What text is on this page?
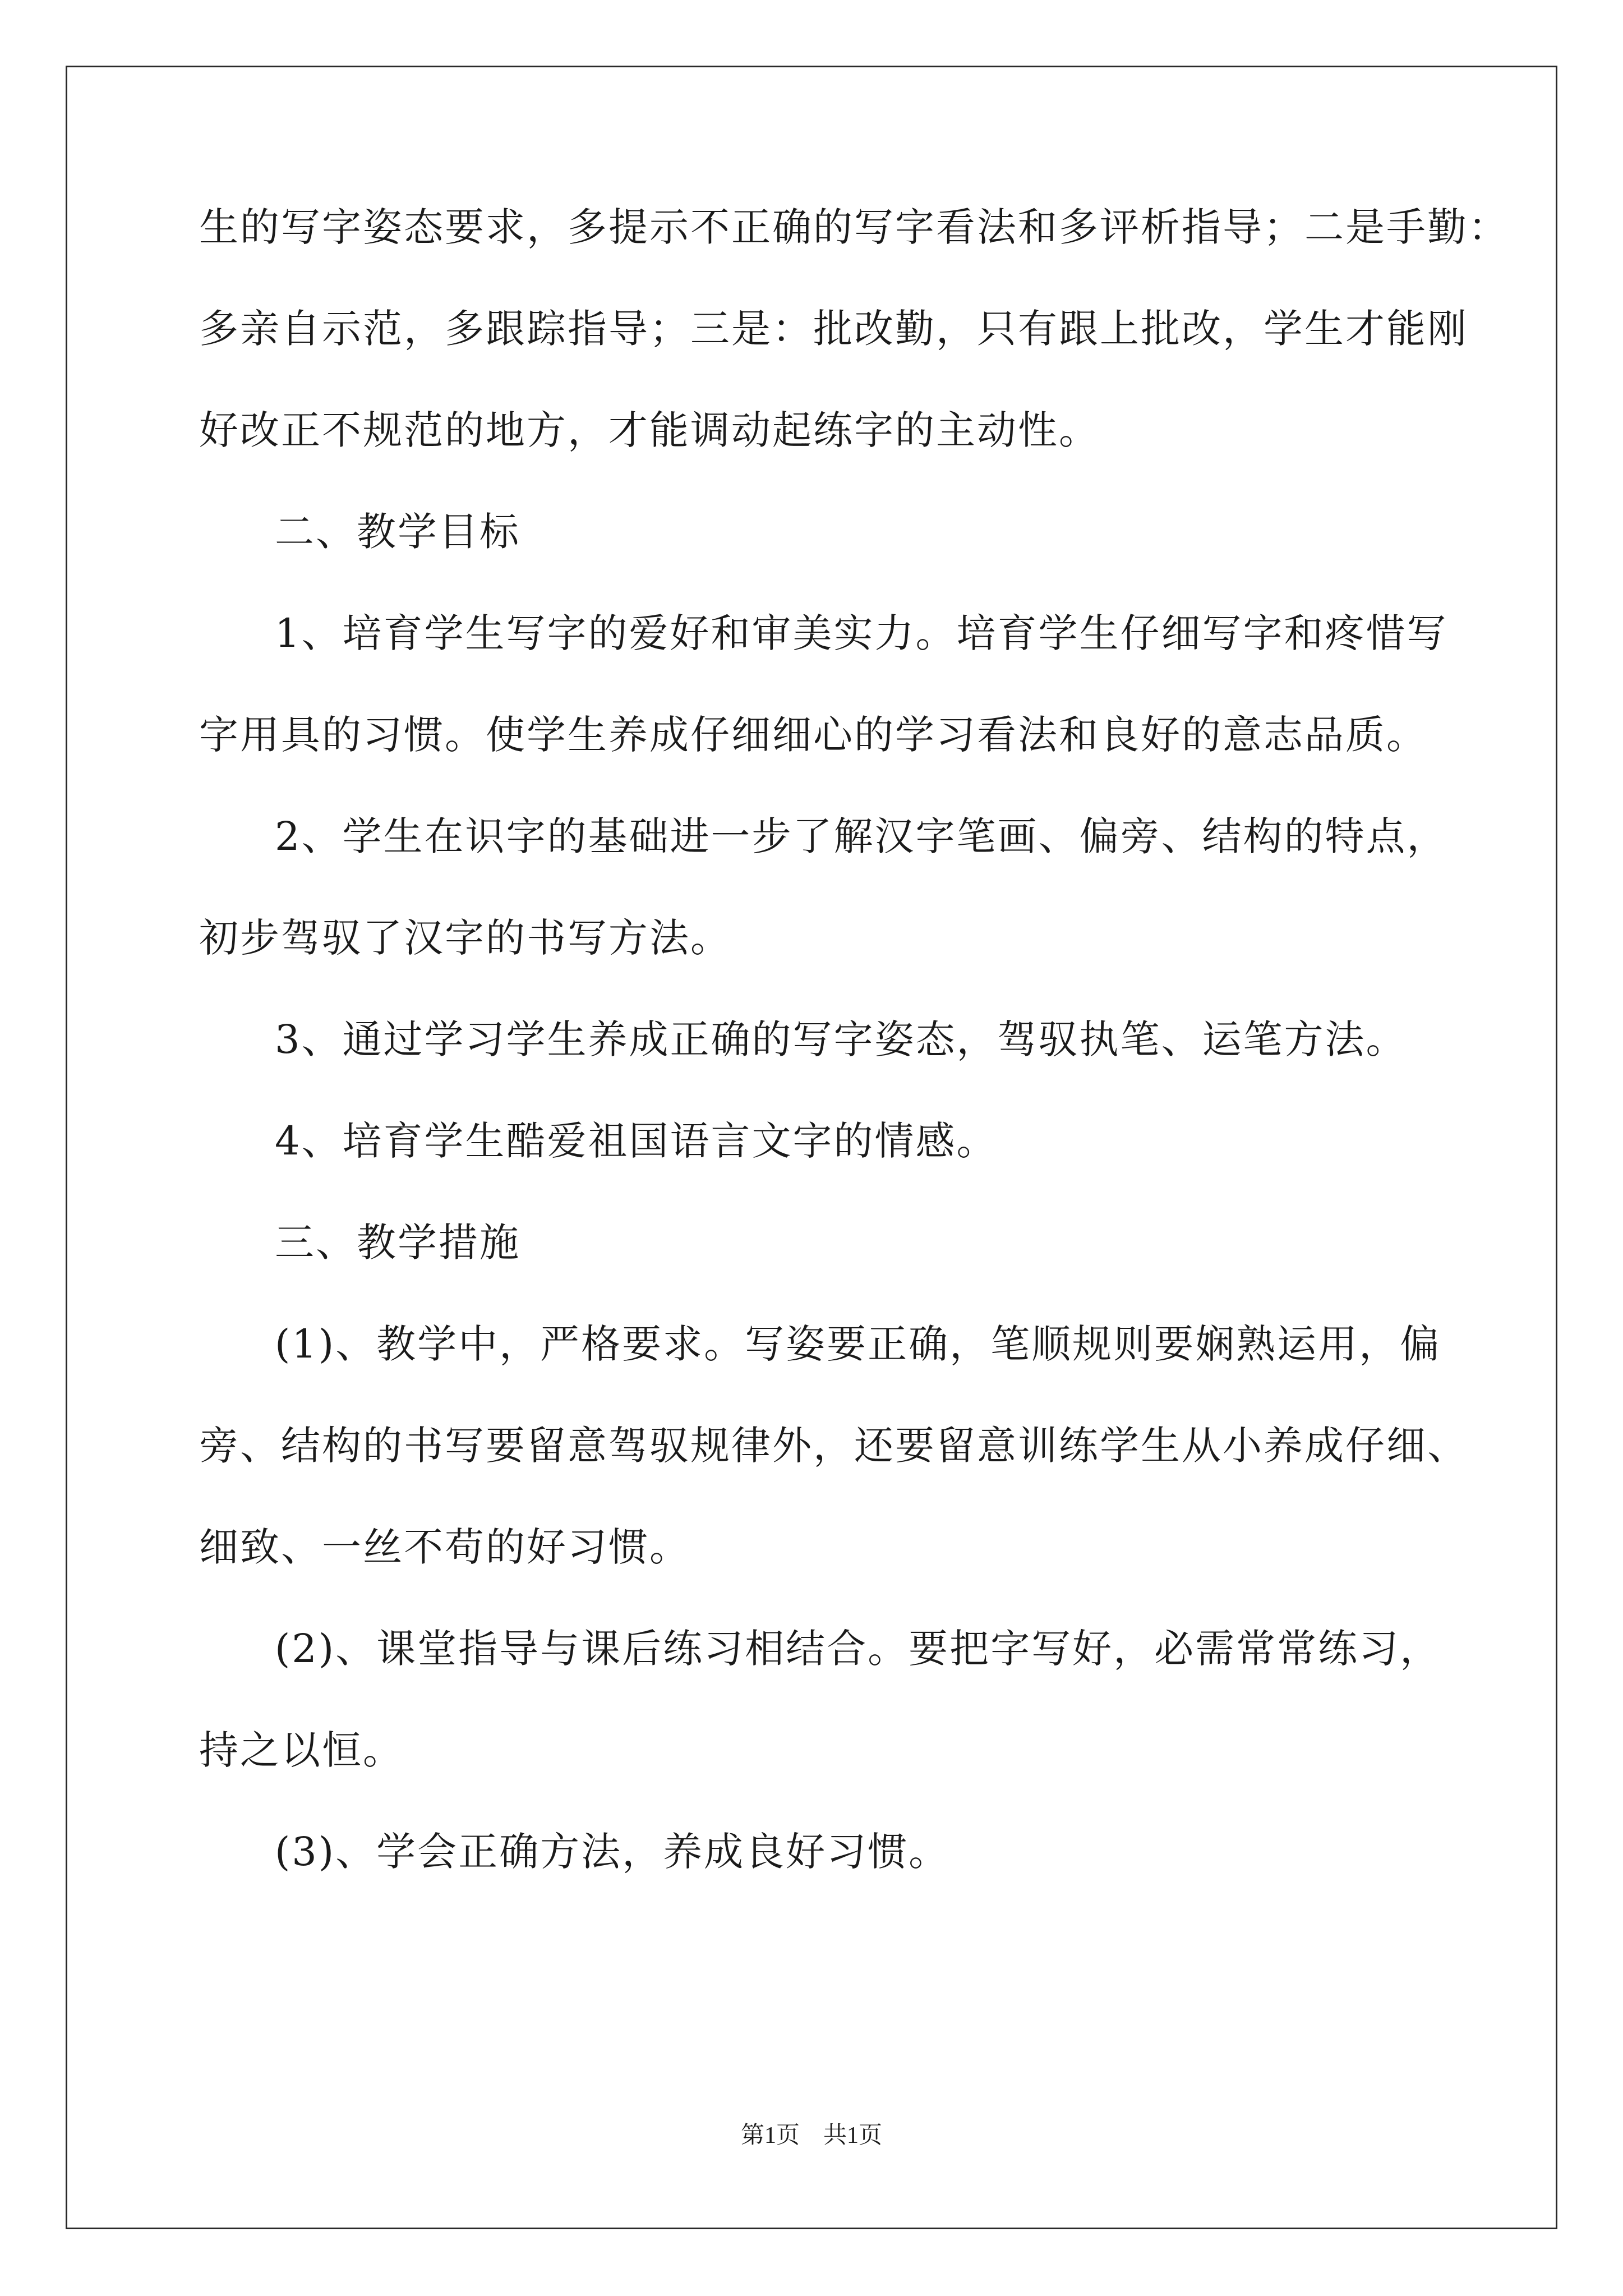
生的写字姿态要求，多提示不正确的写字看法和多评析指导；二是手勤：
多亲自示范，多跟踪指导；三是：批改勤，只有跟上批改，学生才能刚
好改正不规范的地方，才能调动起练字的主动性。
二、教学目标
1、培育学生写字的爱好和审美实力。培育学生仔细写字和疼惜写
字用具的习惯。使学生养成仔细细心的学习看法和良好的意志品质。
2、学生在识字的基础进一步了解汉字笔画、偏旁、结构的特点，
初步驾驭了汉字的书写方法。
3、通过学习学生养成正确的写字姿态，驾驭执笔、运笔方法。
4、培育学生酷爱祖国语言文字的情感。
三、教学措施
(1)、教学中，严格要求。写姿要正确，笔顺规则要娴熟运用，偏
旁、结构的书写要留意驾驭规律外，还要留意训练学生从小养成仔细、
细致、一丝不苟的好习惯。
(2)、课堂指导与课后练习相结合。要把字写好，必需常常练习，
持之以恒。
(3)、学会正确方法，养成良好习惯。
第1页　共1页
